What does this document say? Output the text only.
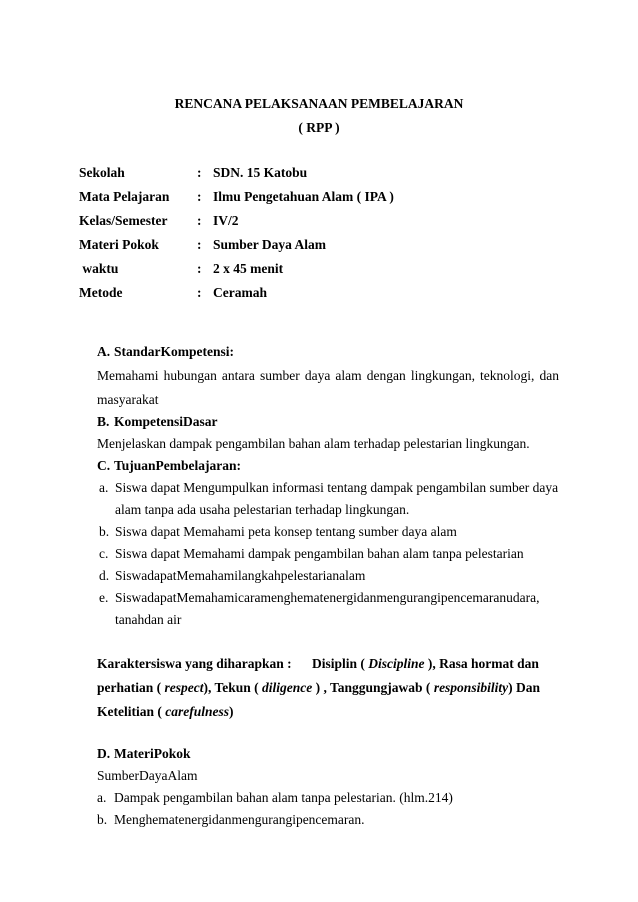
RENCANA PELAKSANAAN PEMBELAJARAN
( RPP )
Sekolah	: SDN. 15 Katobu
Mata Pelajaran : Ilmu Pengetahuan Alam ( IPA )
Kelas/Semester : IV/2
Materi Pokok	: Sumber Daya Alam
waktu	: 2 x 45 menit
Metode	: Ceramah
A. StandarKompetensi:
Memahami hubungan antara sumber daya alam dengan lingkungan, teknologi, dan
masyarakat
B. KompetensiDasar
Menjelaskan dampak pengambilan bahan alam terhadap pelestarian lingkungan.
C. TujuanPembelajaran:
a. Siswa dapat Mengumpulkan informasi tentang dampak pengambilan sumber daya
alam tanpa ada usaha pelestarian terhadap lingkungan.
b. Siswa dapat Memahami peta konsep tentang sumber daya alam
c. Siswa dapat Memahami dampak pengambilan bahan alam tanpa pelestarian
d. SiswadapatMemahamilangkahpelestarianalam
e. SiswadapatMemahamicaramenghematenergidanmengurangipencemaranudara,
tanahdan air
Karaktersiswa yang diharapkan : Disiplin ( Discipline ), Rasa hormat dan
perhatian ( respect), Tekun ( diligence ) , Tanggungjawab ( responsibility) Dan
Ketelitian ( carefulness)
D. MateriPokok
SumberDayaAlam
a. Dampak pengambilan bahan alam tanpa pelestarian. (hlm.214)
b. Menghematenergidanmengurangipencemaran.
